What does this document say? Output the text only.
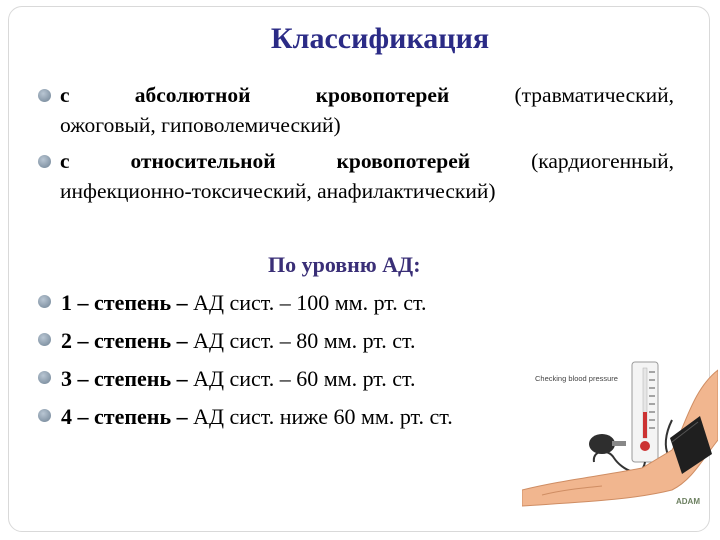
Классификация
с	абсолютной	кровопотерей	(травматический,
ожоговый, гиповолемический)
с	относительной	кровопотерей	(кардиогенный,
инфекционно-токсический, анафилактический)
По уровню АД:
1 – степень – АД сист. – 100 мм. рт. ст.
2 – степень – АД сист. – 80 мм. рт. ст.
3 – степень – АД сист. – 60 мм. рт. ст.
4 – степень – АД сист. ниже 60 мм. рт. ст.
Checking blood pressure
ADAM
